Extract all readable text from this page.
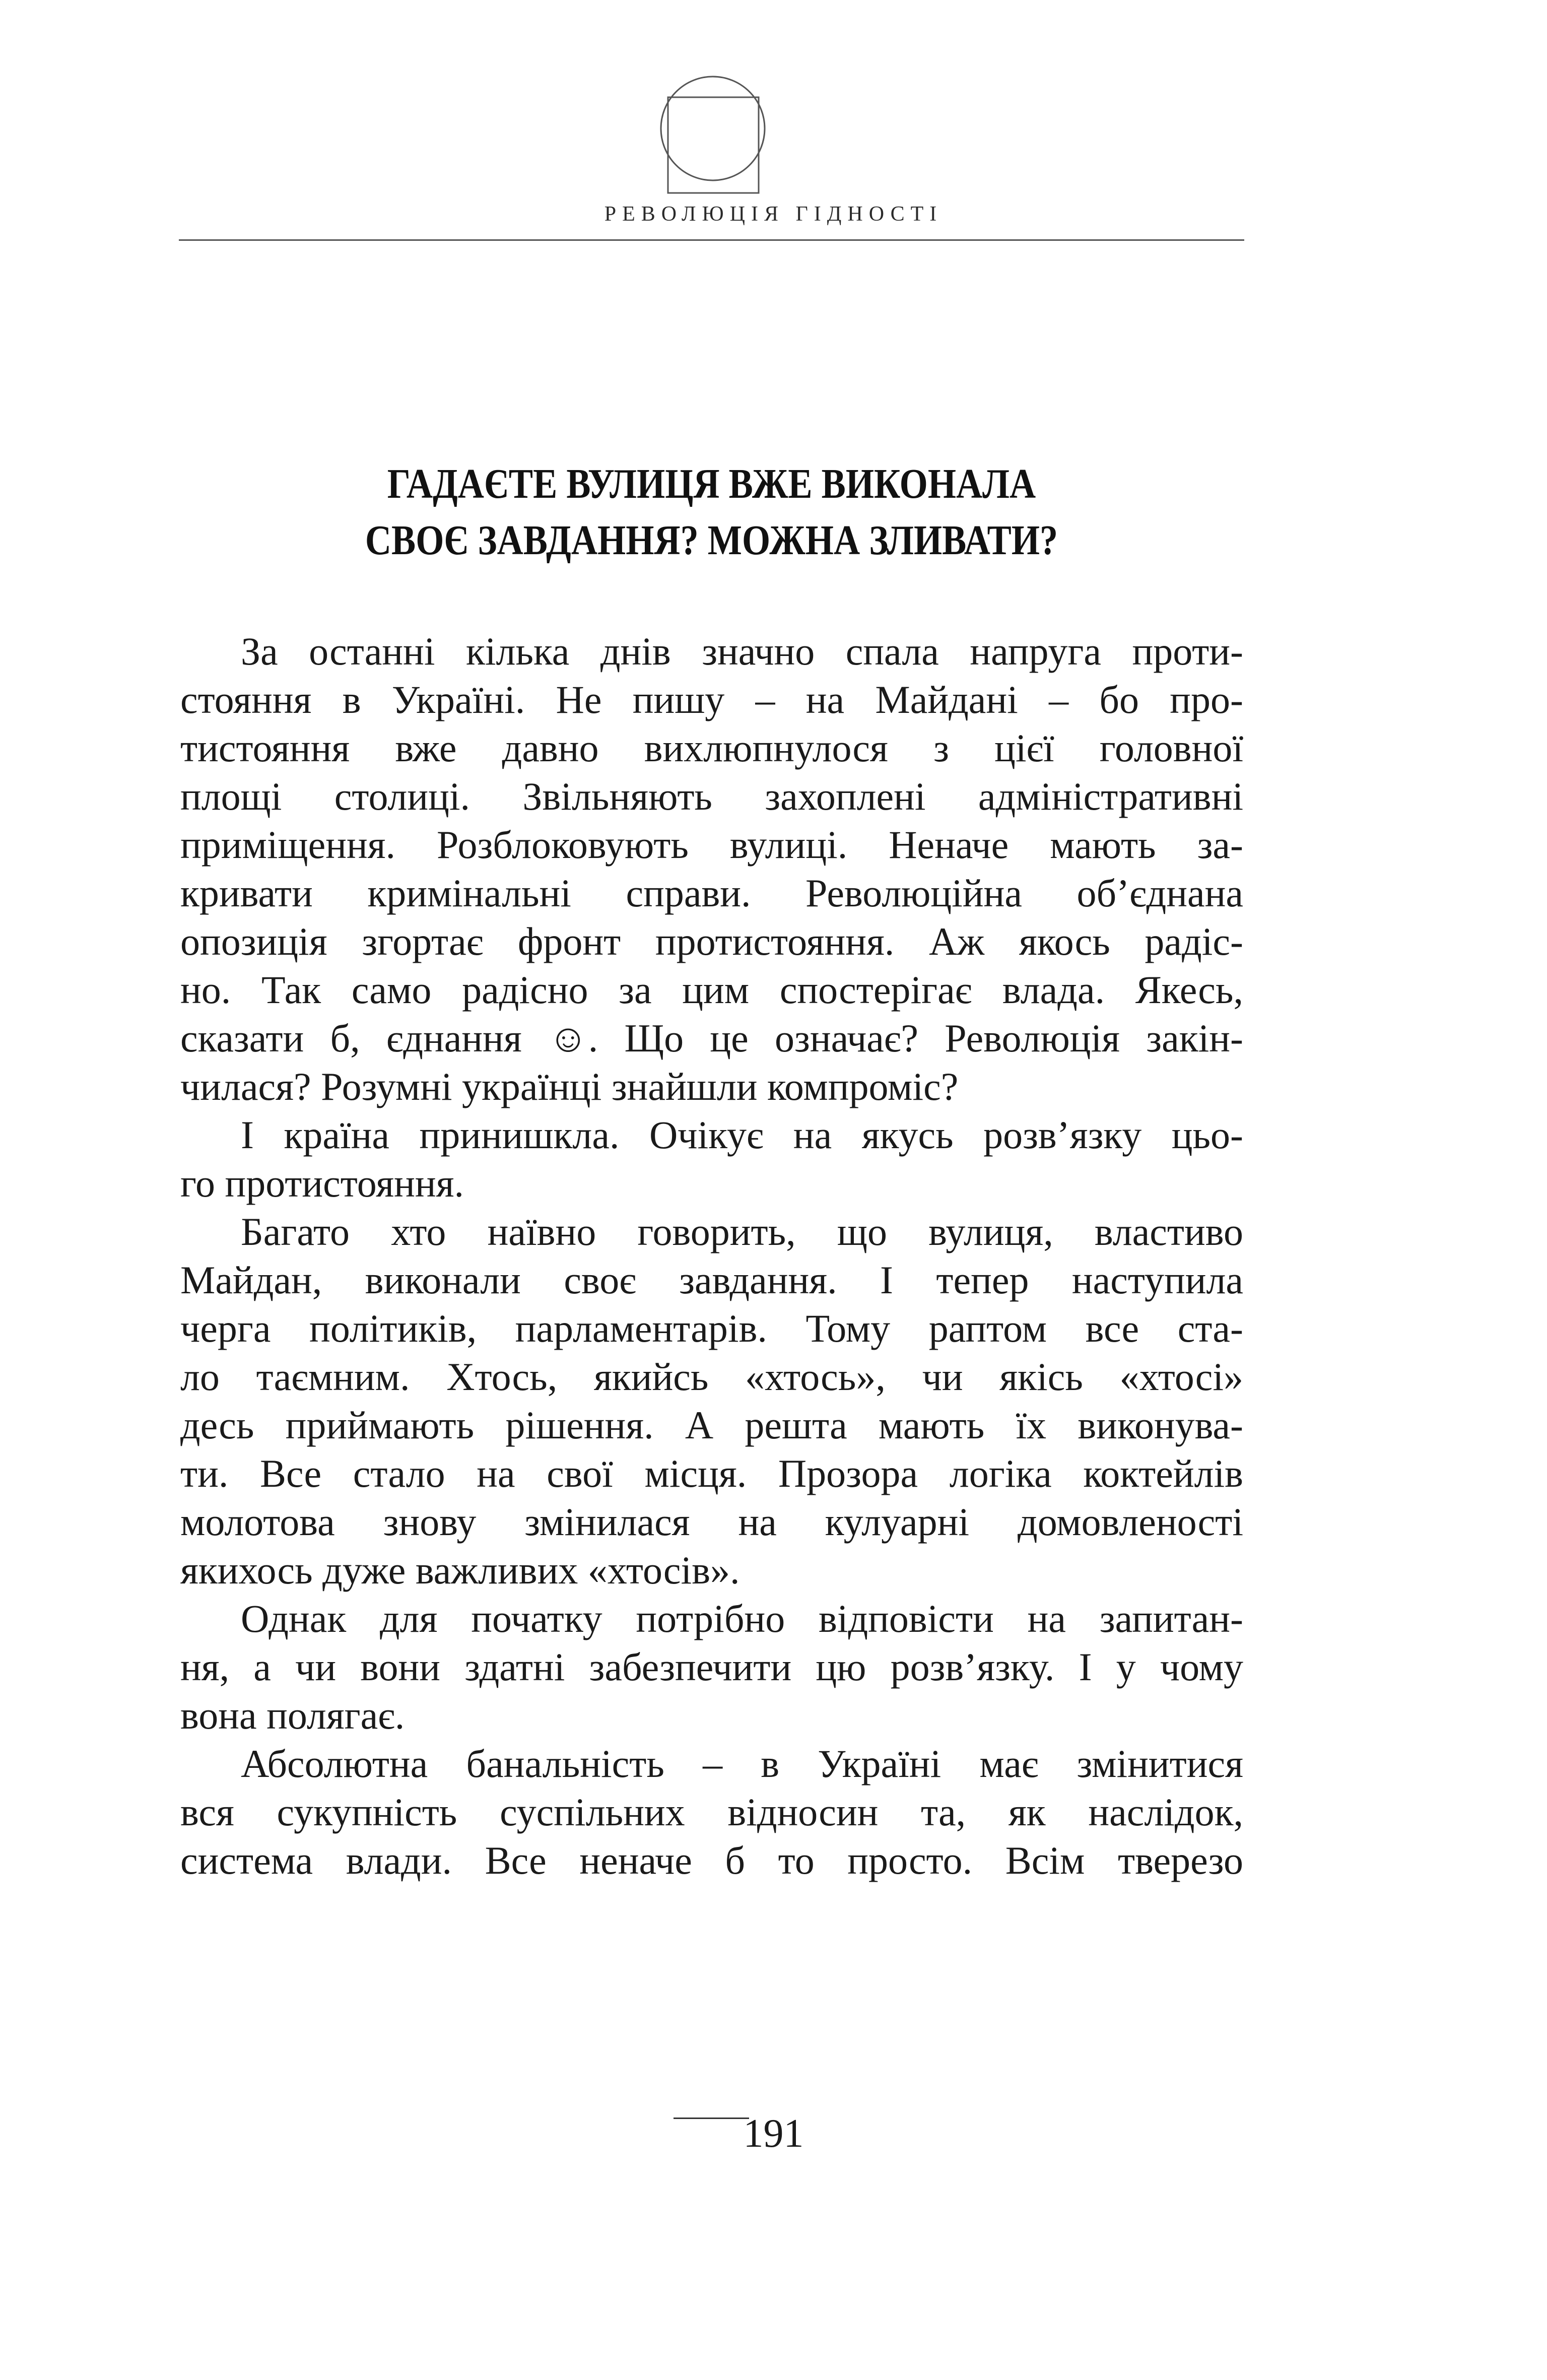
РЕВОЛЮЦІЯ ГІДНОСТІ
ГАДАЄТЕ ВУЛИЦЯ ВЖЕ ВИКОНАЛА
СВОЄ ЗАВДАННЯ? МОЖНА ЗЛИВАТИ?
За останні кілька днів значно спала напруга проти-
стояння в Україні. Не пишу – на Майдані – бо про-
тистояння вже давно вихлюпнулося з цієї головної
площі столиці. Звільняють захоплені адміністративні
приміщення. Розблоковують вулиці. Неначе мають за-
кривати кримінальні справи. Революційна об’єднана
опозиція згортає фронт протистояння. Аж якось радіс-
но. Так само радісно за цим спостерігає влада. Якесь,
сказати б, єднання ☺. Що це означає? Революція закін-
чилася? Розумні українці знайшли компроміс?
І країна принишкла. Очікує на якусь розв’язку цьо-
го протистояння.
Багато хто наївно говорить, що вулиця, властиво
Майдан, виконали своє завдання. І тепер наступила
черга політиків, парламентарів. Тому раптом все ста-
ло таємним. Хтось, якийсь «хтось», чи якісь «хтосі»
десь приймають рішення. А решта мають їх виконува-
ти. Все стало на свої місця. Прозора логіка коктейлів
молотова знову змінилася на кулуарні домовленості
якихось дуже важливих «хтосів».
Однак для початку потрібно відповісти на запитан-
ня, а чи вони здатні забезпечити цю розв’язку. І у чому
вона полягає.
Абсолютна банальність – в Україні має змінитися
вся сукупність суспільних відносин та, як наслідок,
система влади. Все неначе б то просто. Всім тверезо
191
